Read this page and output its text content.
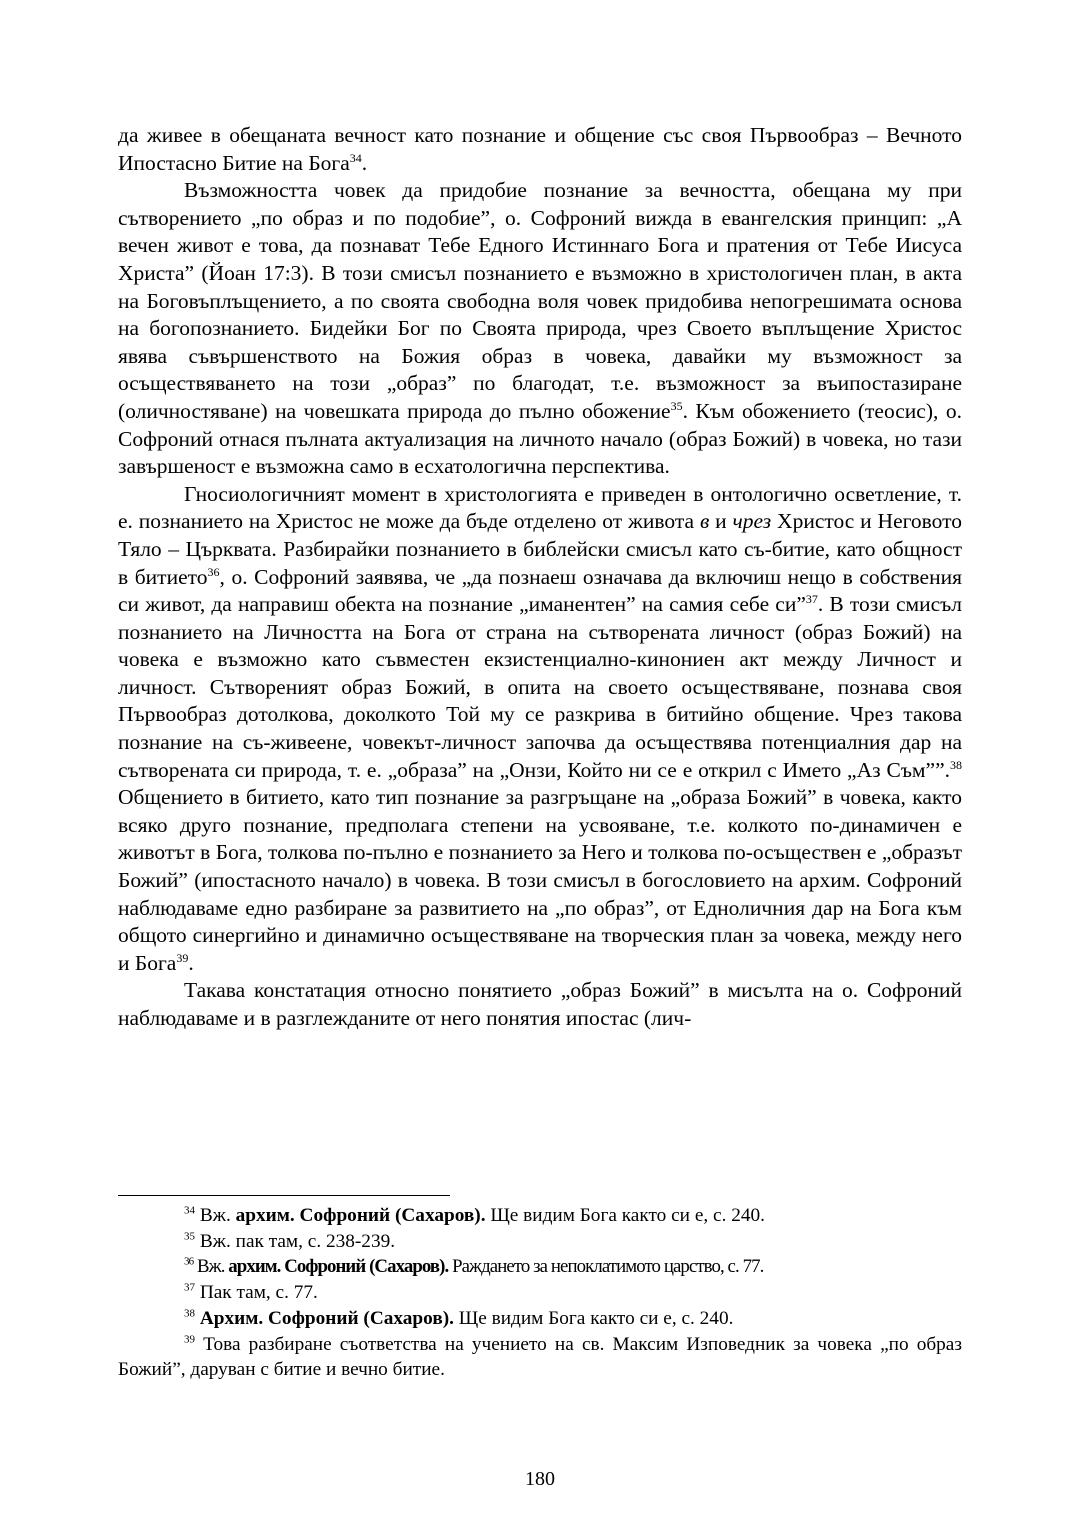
да живее в обещаната вечност като познание и общение със своя Първообраз – Вечното Ипостасно Битие на Бога$^{34}$.

Възможността човек да придобие познание за вечността, обещана му при сътворението „по образ и по подобие”, о. Софроний вижда в евангелския принцип: „А вечен живот е това, да познават Тебе Едного Истиннаго Бога и пратения от Тебе Иисуса Христа” (Йоан 17:3). В този смисъл познанието е възможно в христологичен план, в акта на Боговъплъщението, а по своята свободна воля човек придобива непогрешимата основа на богопознанието. Бидейки Бог по Своята природа, чрез Своето въплъщение Христос явява съвършенството на Божия образ в човека, давайки му възможност за осъществяването на този „образ” по благодат, т.е. възможност за въипостазиране (оличностяване) на човешката природа до пълно обожение$^{35}$. Към обожението (теосис), о. Софроний отнася пълната актуализация на личното начало (образ Божий) в човека, но тази завършеност е възможна само в есхатологична перспектива.

Гносиологичният момент в христологията е приведен в онтологично осветление, т. е. познанието на Христос не може да бъде отделено от живота в и чрез Христос и Неговото Тяло – Църквата. Разбирайки познанието в библейски смисъл като съ-битие, като общност в битието$^{36}$, о. Софроний заявява, че „да познаеш означава да включиш нещо в собствения си живот, да направиш обекта на познание „иманентен” на самия себе си”$^{37}$. В този смисъл познанието на Личността на Бога от страна на сътворената личност (образ Божий) на човека е възможно като съвместен екзистенциално-кинониен акт между Личност и личност. Сътвореният образ Божий, в опита на своето осъществяване, познава своя Първообраз дотолкова, доколкото Той му се разкрива в битийно общение. Чрез такова познание на съ-живеене, човекът-личност започва да осъществява потенциалния дар на сътворената си природа, т. е. „образа” на „Онзи, Който ни се е открил с Името „Аз Съм””.$^{38}$ Общението в битието, като тип познание за разгръщане на „образа Божий” в човека, както всяко друго познание, предполага степени на усвояване, т.е. колкото по-динамичен е животът в Бога, толкова по-пълно е познанието за Него и толкова по-осъществен е „образът Божий” (ипостасното начало) в човека. В този смисъл в богословието на архим. Софроний наблюдаваме едно разбиране за развитието на „по образ”, от Едноличния дар на Бога към общото синергийно и динамично осъществяване на творческия план за човека, между него и Бога$^{39}$.

Такава констатация относно понятието „образ Божий” в мисълта на о. Софроний наблюдаваме и в разглежданите от него понятия ипостас (лич-

$^{34}$ Вж. архим. Софроний (Сахаров). Ще видим Бога както си е, с. 240.

$^{35}$ Вж. пак там, с. 238-239.

$^{36}$ Вж. архим. Софроний (Сахаров). Раждането за непоклатимото царство, с. 77.

$^{37}$ Пак там, с. 77.

$^{38}$ Архим. Софроний (Сахаров). Ще видим Бога както си е, с. 240.

$^{39}$ Това разбиране съответства на учението на св. Максим Изповедник за човека „по образ Божий”, даруван с битие и вечно битие.

180
